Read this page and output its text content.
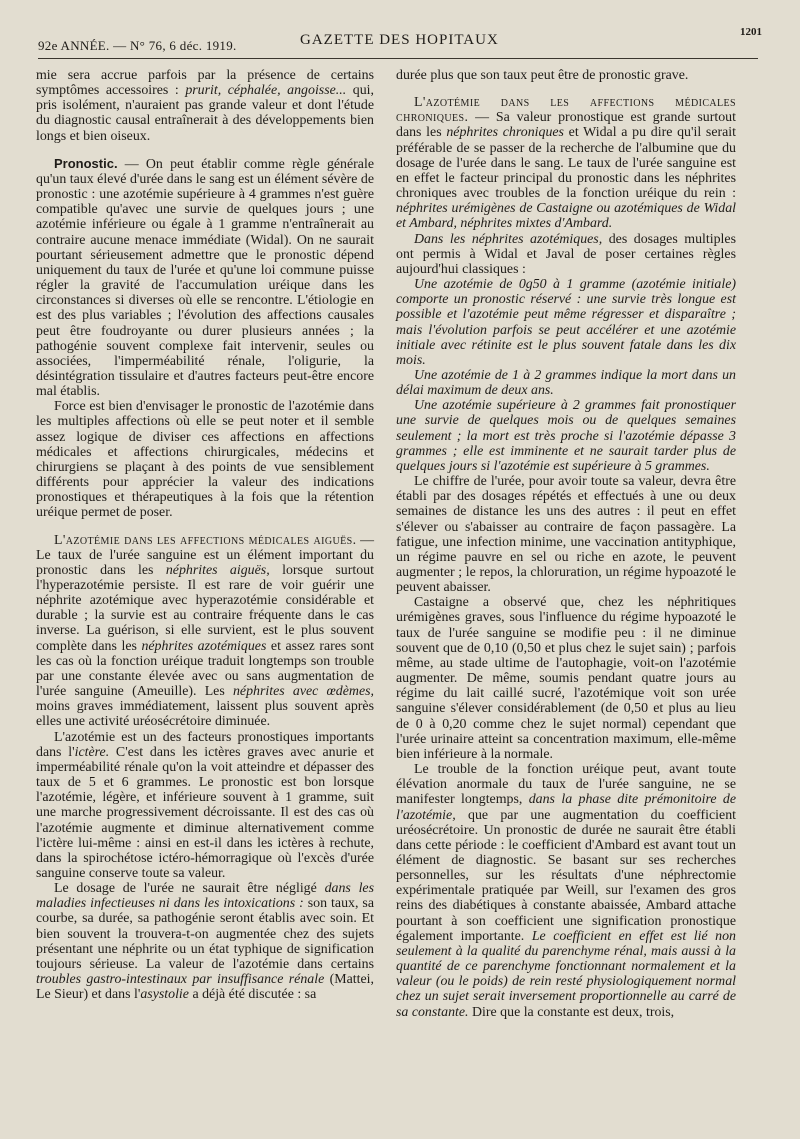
92e ANNÉE. — N° 76, 6 déc. 1919.	GAZETTE DES HOPITAUX	1201

mie sera accrue parfois par la présence de certains symptômes accessoires : prurit, céphalée, angoisse... qui, pris isolément, n'auraient pas grande valeur et dont l'étude du diagnostic causal entraînerait à des développements bien longs et bien oiseux.

Pronostic. — On peut établir comme règle générale qu'un taux élevé d'urée dans le sang est un élément sévère de pronostic : une azotémie supérieure à 4 grammes n'est guère compatible qu'avec une survie de quelques jours ; une azotémie inférieure ou égale à 1 gramme n'entraînerait au contraire aucune menace immédiate (Widal). On ne saurait pourtant sérieusement admettre que le pronostic dépend uniquement du taux de l'urée et qu'une loi commune puisse régler la gravité de l'accumulation uréique dans les circonstances si diverses où elle se rencontre. L'étiologie en est des plus variables ; l'évolution des affections causales peut être foudroyante ou durer plusieurs années ; la pathogénie souvent complexe fait intervenir, seules ou associées, l'imperméabilité rénale, l'oligurie, la désintégration tissulaire et d'autres facteurs peut-être encore mal établis.

Force est bien d'envisager le pronostic de l'azotémie dans les multiples affections où elle se peut noter et il semble assez logique de diviser ces affections en affections médicales et affections chirurgicales, médecins et chirurgiens se plaçant à des points de vue sensiblement différents pour apprécier la valeur des indications pronostiques et thérapeutiques à la fois que la rétention uréique permet de poser.

L'azotémie dans les affections médicales aiguës. — Le taux de l'urée sanguine est un élément important du pronostic dans les néphrites aiguës, lorsque surtout l'hyperazotémie persiste. Il est rare de voir guérir une néphrite azotémique avec hyperazotémie considérable et durable ; la survie est au contraire fréquente dans le cas inverse. La guérison, si elle survient, est le plus souvent complète dans les néphrites azotémiques et assez rares sont les cas où la fonction uréique traduit longtemps son trouble par une constante élevée avec ou sans augmentation de l'urée sanguine (Ameuille). Les néphrites avec œdèmes, moins graves immédiatement, laissent plus souvent après elles une activité uréosécrétoire diminuée.

L'azotémie est un des facteurs pronostiques importants dans l'ictère. C'est dans les ictères graves avec anurie et imperméabilité rénale qu'on la voit atteindre et dépasser des taux de 5 et 6 grammes. Le pronostic est bon lorsque l'azotémie, légère, et inférieure souvent à 1 gramme, suit une marche progressivement décroissante. Il est des cas où l'azotémie augmente et diminue alternativement comme l'ictère lui-même : ainsi en est-il dans les ictères à rechute, dans la spirochétose ictéro-hémorragique où l'excès d'urée sanguine conserve toute sa valeur.

Le dosage de l'urée ne saurait être négligé dans les maladies infectieuses ni dans les intoxications : son taux, sa courbe, sa durée, sa pathogénie seront établis avec soin. Et bien souvent la trouvera-t-on augmentée chez des sujets présentant une néphrite ou un état typhique de signification toujours sérieuse. La valeur de l'azotémie dans certains troubles gastro-intestinaux par insuffisance rénale (Mattei, Le Sieur) et dans l'asystolie a déjà été discutée : sa

durée plus que son taux peut être de pronostic grave.

L'azotémie dans les affections médicales chroniques. — Sa valeur pronostique est grande surtout dans les néphrites chroniques et Widal a pu dire qu'il serait préférable de se passer de la recherche de l'albumine que du dosage de l'urée dans le sang. Le taux de l'urée sanguine est en effet le facteur principal du pronostic dans les néphrites chroniques avec troubles de la fonction uréique du rein : néphrites urémigènes de Castaigne ou azotémiques de Widal et Ambard, néphrites mixtes d'Ambard.

Dans les néphrites azotémiques, des dosages multiples ont permis à Widal et Javal de poser certaines règles aujourd'hui classiques :

Une azotémie de 0g50 à 1 gramme (azotémie initiale) comporte un pronostic réservé : une survie très longue est possible et l'azotémie peut même régresser et disparaître ; mais l'évolution parfois se peut accélérer et une azotémie initiale avec rétinite est le plus souvent fatale dans les dix mois.

Une azotémie de 1 à 2 grammes indique la mort dans un délai maximum de deux ans.

Une azotémie supérieure à 2 grammes fait pronostiquer une survie de quelques mois ou de quelques semaines seulement ; la mort est très proche si l'azotémie dépasse 3 grammes ; elle est imminente et ne saurait tarder plus de quelques jours si l'azotémie est supérieure à 5 grammes.

Le chiffre de l'urée, pour avoir toute sa valeur, devra être établi par des dosages répétés et effectués à une ou deux semaines de distance les uns des autres : il peut en effet s'élever ou s'abaisser au contraire de façon passagère. La fatigue, une infection minime, une vaccination antityphique, un régime pauvre en sel ou riche en azote, le peuvent augmenter ; le repos, la chloruration, un régime hypoazoté le peuvent abaisser.

Castaigne a observé que, chez les néphritiques urémigènes graves, sous l'influence du régime hypoazoté le taux de l'urée sanguine se modifie peu : il ne diminue souvent que de 0,10 (0,50 et plus chez le sujet sain) ; parfois même, au stade ultime de l'autophagie, voit-on l'azotémie augmenter. De même, soumis pendant quatre jours au régime du lait caillé sucré, l'azotémique voit son urée sanguine s'élever considérablement (de 0,50 et plus au lieu de 0 à 0,20 comme chez le sujet normal) cependant que l'urée urinaire atteint sa concentration maximum, elle-même bien inférieure à la normale.

Le trouble de la fonction uréique peut, avant toute élévation anormale du taux de l'urée sanguine, ne se manifester longtemps, dans la phase dite prémonitoire de l'azotémie, que par une augmentation du coefficient uréosécrétoire. Un pronostic de durée ne saurait être établi dans cette période : le coefficient d'Ambard est avant tout un élément de diagnostic. Se basant sur ses recherches personnelles, sur les résultats d'une néphrectomie expérimentale pratiquée par Weill, sur l'examen des gros reins des diabétiques à constante abaissée, Ambard attache pourtant à son coefficient une signification pronostique également importante. Le coefficient en effet est lié non seulement à la qualité du parenchyme rénal, mais aussi à la quantité de ce parenchyme fonctionnant normalement et la valeur (ou le poids) de rein resté physiologiquement normal chez un sujet serait inversement proportionnelle au carré de sa constante. Dire que la constante est deux, trois,
